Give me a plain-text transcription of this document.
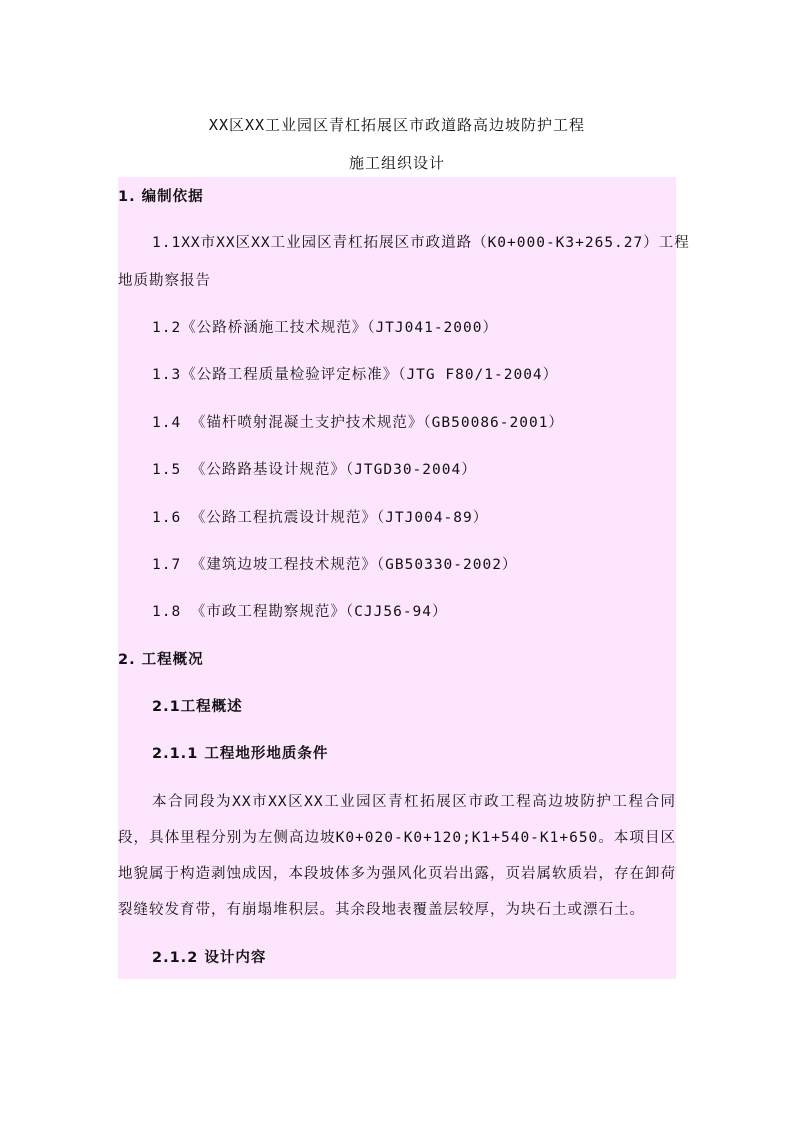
XX区XX工业园区青杠拓展区市政道路高边坡防护工程
施工组织设计
1. 编制依据
1.1XX市XX区XX工业园区青杠拓展区市政道路（K0+000-K3+265.27）工程
地质勘察报告
1.2《公路桥涵施工技术规范》（JTJ041-2000）
1.3《公路工程质量检验评定标准》（JTG F80/1-2004）
1.4 《锚杆喷射混凝土支护技术规范》（GB50086-2001）
1.5 《公路路基设计规范》（JTGD30-2004）
1.6 《公路工程抗震设计规范》（JTJ004-89）
1.7 《建筑边坡工程技术规范》（GB50330-2002）
1.8 《市政工程勘察规范》（CJJ56-94）
2. 工程概况
2.1工程概述
2.1.1 工程地形地质条件
本合同段为XX市XX区XX工业园区青杠拓展区市政工程高边坡防护工程合同段，具体里程分别为左侧高边坡K0+020-K0+120;K1+540-K1+650。本项目区地貌属于构造剥蚀成因，本段坡体多为强风化页岩出露，页岩属软质岩，存在卸荷裂缝较发育带，有崩塌堆积层。其余段地表覆盖层较厚，为块石土或漂石土。
2.1.2 设计内容
